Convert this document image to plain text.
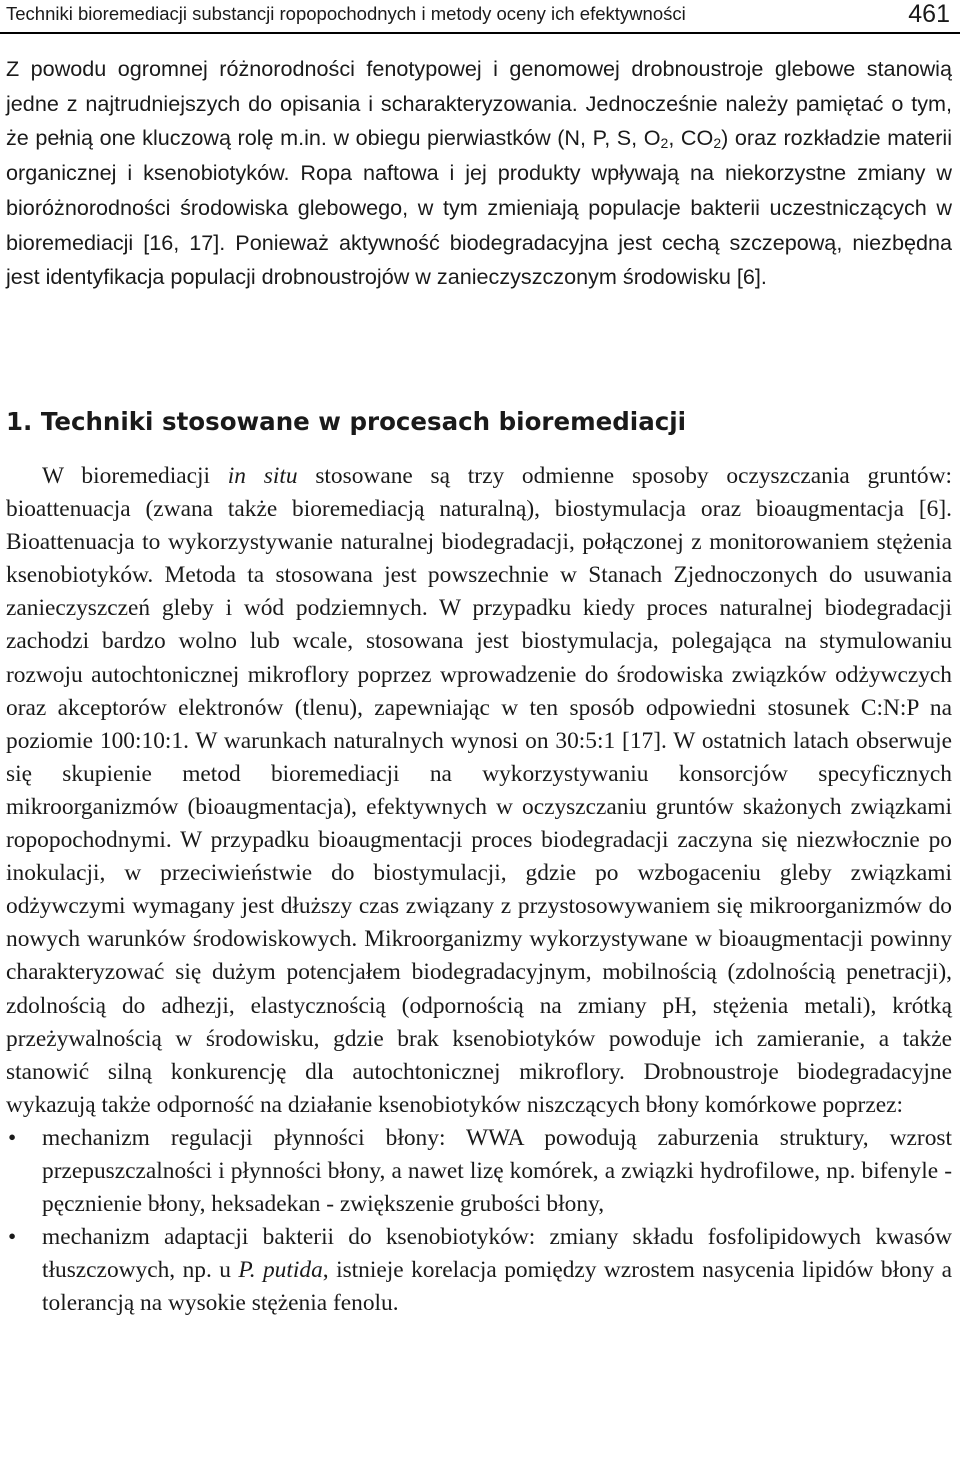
Techniki bioremediacji substancji ropopochodnych i metody oceny ich efektywności	461

Z powodu ogromnej różnorodności fenotypowej i genomowej drobnoustroje glebowe stanowią jedne z najtrudniejszych do opisania i scharakteryzowania. Jednocześnie należy pamiętać o tym, że pełnią one kluczową rolę m.in. w obiegu pierwiastków (N, P, S, $O_2$, $CO_2$) oraz rozkładzie materii organicznej i ksenobiotyków. Ropa naftowa i jej produkty wpływają na niekorzystne zmiany w bioróżnorodności środowiska glebowego, w tym zmieniają populacje bakterii uczestniczących w bioremediacji [16, 17]. Ponieważ aktywność biodegradacyjna jest cechą szczepową, niezbędna jest identyfikacja populacji drobnoustrojów w zanieczyszczonym środowisku [6].

1. Techniki stosowane w procesach bioremediacji

W bioremediacji in situ stosowane są trzy odmienne sposoby oczyszczania gruntów: bioattenuacja (zwana także bioremediacją naturalną), biostymulacja oraz bioaugmentacja [6]. Bioattenuacja to wykorzystywanie naturalnej biodegradacji, połączonej z monitorowaniem stężenia ksenobiotyków. Metoda ta stosowana jest powszechnie w Stanach Zjednoczonych do usuwania zanieczyszczeń gleby i wód podziemnych. W przypadku kiedy proces naturalnej biodegradacji zachodzi bardzo wolno lub wcale, stosowana jest biostymulacja, polegająca na stymulowaniu rozwoju autochtonicznej mikroflory poprzez wprowadzenie do środowiska związków odżywczych oraz akceptorów elektronów (tlenu), zapewniając w ten sposób odpowiedni stosunek C:N:P na poziomie 100:10:1. W warunkach naturalnych wynosi on 30:5:1 [17]. W ostatnich latach obserwuje się skupienie metod bioremediacji na wykorzystywaniu konsorcjów specyficznych mikroorganizmów (bioaugmentacja), efektywnych w oczyszczaniu gruntów skażonych związkami ropopochodnymi. W przypadku bioaugmentacji proces biodegradacji zaczyna się niezwłocznie po inokulacji, w przeciwieństwie do biostymulacji, gdzie po wzbogaceniu gleby związkami odżywczymi wymagany jest dłuższy czas związany z przystosowywaniem się mikroorganizmów do nowych warunków środowiskowych. Mikroorganizmy wykorzystywane w bioaugmentacji powinny charakteryzować się dużym potencjałem biodegradacyjnym, mobilnością (zdolnością penetracji), zdolnością do adhezji, elastycznością (odpornością na zmiany pH, stężenia metali), krótką przeżywalnością w środowisku, gdzie brak ksenobiotyków powoduje ich zamieranie, a także stanowić silną konkurencję dla autochtonicznej mikroflory. Drobnoustroje biodegradacyjne wykazują także odporność na działanie ksenobiotyków niszczących błony komórkowe poprzez:

• mechanizm regulacji płynności błony: WWA powodują zaburzenia struktury, wzrost przepuszczalności i płynności błony, a nawet lizę komórek, a związki hydrofilowe, np. bifenyle - pęcznienie błony, heksadekan - zwiększenie grubości błony,
• mechanizm adaptacji bakterii do ksenobiotyków: zmiany składu fosfolipidowych kwasów tłuszczowych, np. u P. putida, istnieje korelacja pomiędzy wzrostem nasycenia lipidów błony a tolerancją na wysokie stężenia fenolu.
